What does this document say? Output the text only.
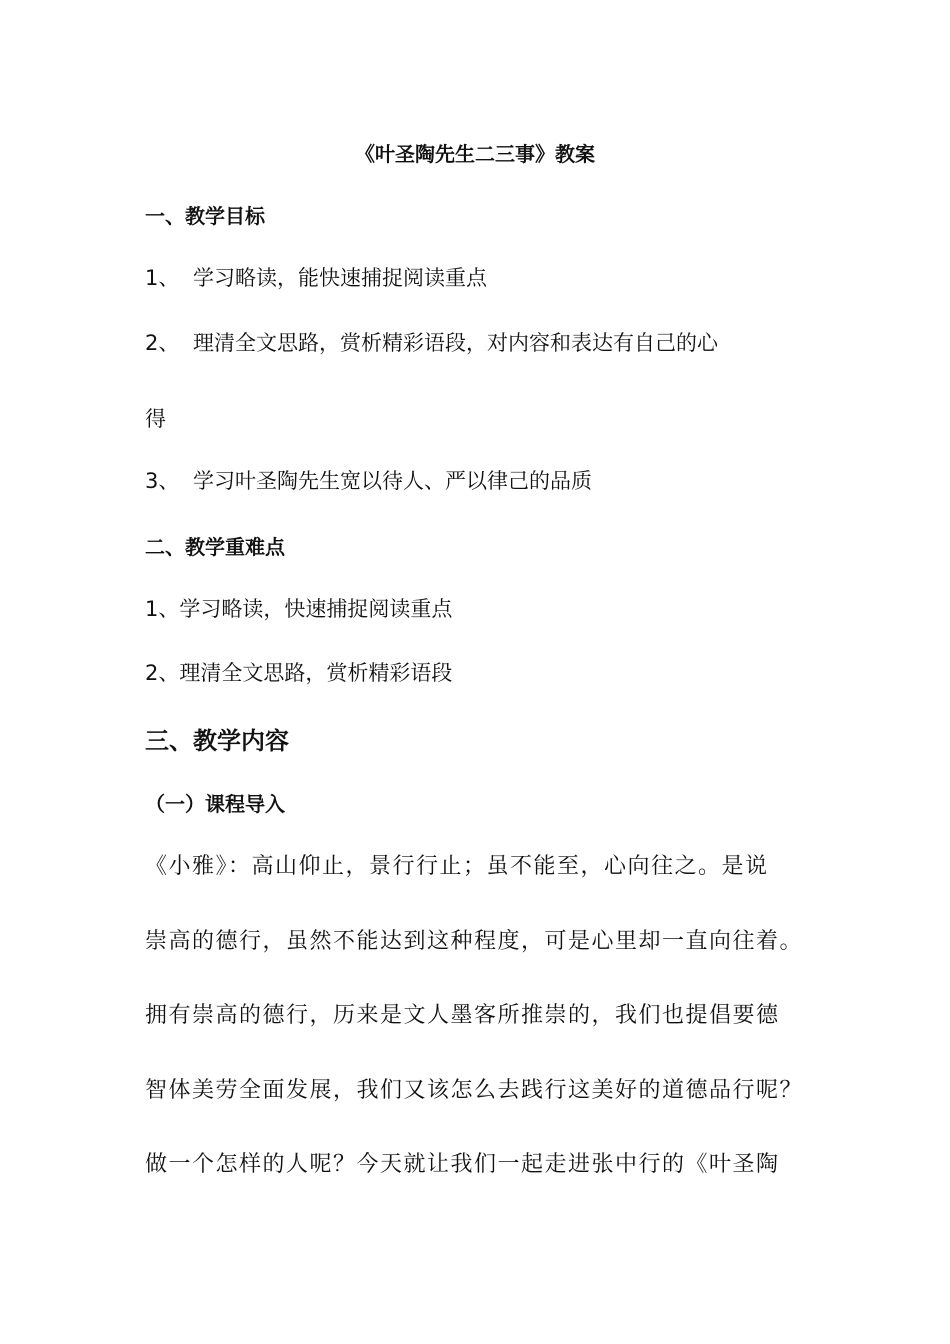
《叶圣陶先生二三事》教案
一、教学目标
1、 学习略读，能快速捕捉阅读重点
2、 理清全文思路，赏析精彩语段，对内容和表达有自己的心
得
3、 学习叶圣陶先生宽以待人、严以律己的品质
二、教学重难点
1、学习略读，快速捕捉阅读重点
2、理清全文思路，赏析精彩语段
三、教学内容
（一）课程导入
《小雅》：高山仰止，景行行止；虽不能至，心向往之。是说
崇高的德行，虽然不能达到这种程度，可是心里却一直向往着。
拥有崇高的德行，历来是文人墨客所推崇的，我们也提倡要德
智体美劳全面发展，我们又该怎么去践行这美好的道德品行呢？
做一个怎样的人呢？今天就让我们一起走进张中行的《叶圣陶
